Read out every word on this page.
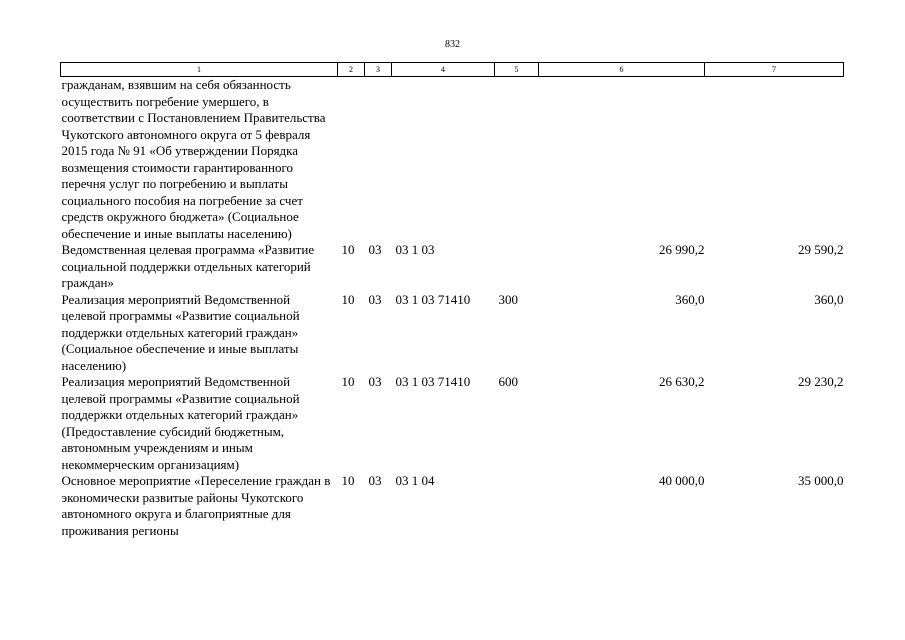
832
1	2	3	4	5	6	7
гражданам, взявшим на себя обязанность осуществить погребение умершего, в соответствии с Постановлением Правительства Чукотского автономного округа от 5 февраля 2015 года № 91 «Об утверждении Порядка возмещения стоимости гарантированного перечня услуг по погребению и выплаты социального пособия на погребение за счет средств окружного бюджета» (Социальное обеспечение и иные выплаты населению)						
Ведомственная целевая программа «Развитие социальной поддержки отдельных категорий граждан»	10	03	03 1 03		26 990,2	29 590,2
Реализация мероприятий Ведомственной целевой программы «Развитие социальной поддержки отдельных категорий граждан» (Социальное обеспечение и иные выплаты населению)	10	03	03 1 03 71410	300	360,0	360,0
Реализация мероприятий Ведомственной целевой программы «Развитие социальной поддержки отдельных категорий граждан» (Предоставление субсидий бюджетным, автономным учреждениям и иным некоммерческим организациям)	10	03	03 1 03 71410	600	26 630,2	29 230,2
Основное мероприятие «Переселение граждан в экономически развитые районы Чукотского автономного округа и благоприятные для проживания регионы	10	03	03 1 04		40 000,0	35 000,0
